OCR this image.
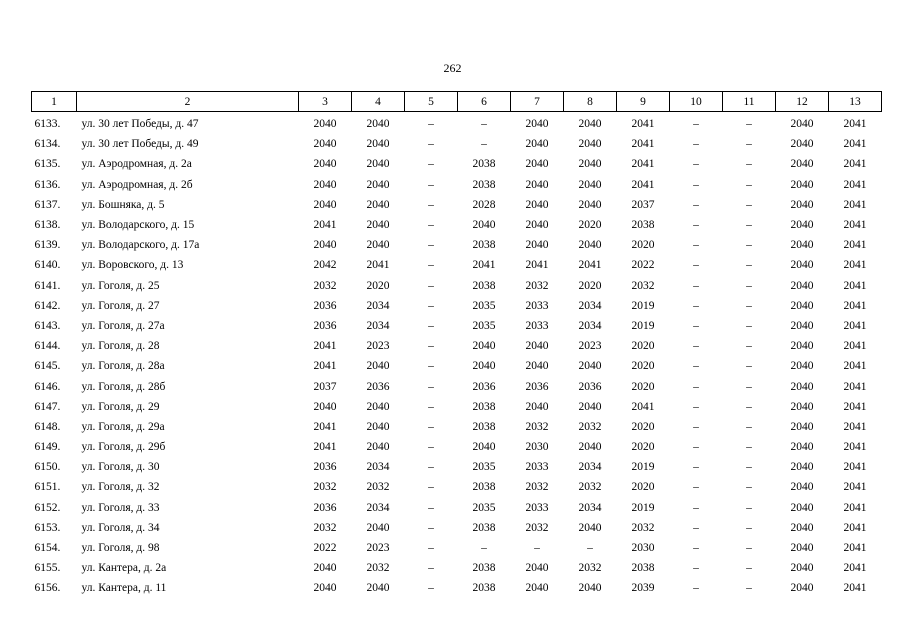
262
1	2	3	4	5	6	7	8	9	10	11	12	13
6133.	ул. 30 лет Победы, д. 47	2040	2040	–	–	2040	2040	2041	–	–	2040	2041
6134.	ул. 30 лет Победы, д. 49	2040	2040	–	–	2040	2040	2041	–	–	2040	2041
6135.	ул. Аэродромная, д. 2а	2040	2040	–	2038	2040	2040	2041	–	–	2040	2041
6136.	ул. Аэродромная, д. 2б	2040	2040	–	2038	2040	2040	2041	–	–	2040	2041
6137.	ул. Бошняка, д. 5	2040	2040	–	2028	2040	2040	2037	–	–	2040	2041
6138.	ул. Володарского, д. 15	2041	2040	–	2040	2040	2020	2038	–	–	2040	2041
6139.	ул. Володарского, д. 17а	2040	2040	–	2038	2040	2040	2020	–	–	2040	2041
6140.	ул. Воровского, д. 13	2042	2041	–	2041	2041	2041	2022	–	–	2040	2041
6141.	ул. Гоголя, д. 25	2032	2020	–	2038	2032	2020	2032	–	–	2040	2041
6142.	ул. Гоголя, д. 27	2036	2034	–	2035	2033	2034	2019	–	–	2040	2041
6143.	ул. Гоголя, д. 27а	2036	2034	–	2035	2033	2034	2019	–	–	2040	2041
6144.	ул. Гоголя, д. 28	2041	2023	–	2040	2040	2023	2020	–	–	2040	2041
6145.	ул. Гоголя, д. 28а	2041	2040	–	2040	2040	2040	2020	–	–	2040	2041
6146.	ул. Гоголя, д. 28б	2037	2036	–	2036	2036	2036	2020	–	–	2040	2041
6147.	ул. Гоголя, д. 29	2040	2040	–	2038	2040	2040	2041	–	–	2040	2041
6148.	ул. Гоголя, д. 29а	2041	2040	–	2038	2032	2032	2020	–	–	2040	2041
6149.	ул. Гоголя, д. 29б	2041	2040	–	2040	2030	2040	2020	–	–	2040	2041
6150.	ул. Гоголя, д. 30	2036	2034	–	2035	2033	2034	2019	–	–	2040	2041
6151.	ул. Гоголя, д. 32	2032	2032	–	2038	2032	2032	2020	–	–	2040	2041
6152.	ул. Гоголя, д. 33	2036	2034	–	2035	2033	2034	2019	–	–	2040	2041
6153.	ул. Гоголя, д. 34	2032	2040	–	2038	2032	2040	2032	–	–	2040	2041
6154.	ул. Гоголя, д. 98	2022	2023	–	–	–	–	2030	–	–	2040	2041
6155.	ул. Кантера, д. 2а	2040	2032	–	2038	2040	2032	2038	–	–	2040	2041
6156.	ул. Кантера, д. 11	2040	2040	–	2038	2040	2040	2039	–	–	2040	2041
